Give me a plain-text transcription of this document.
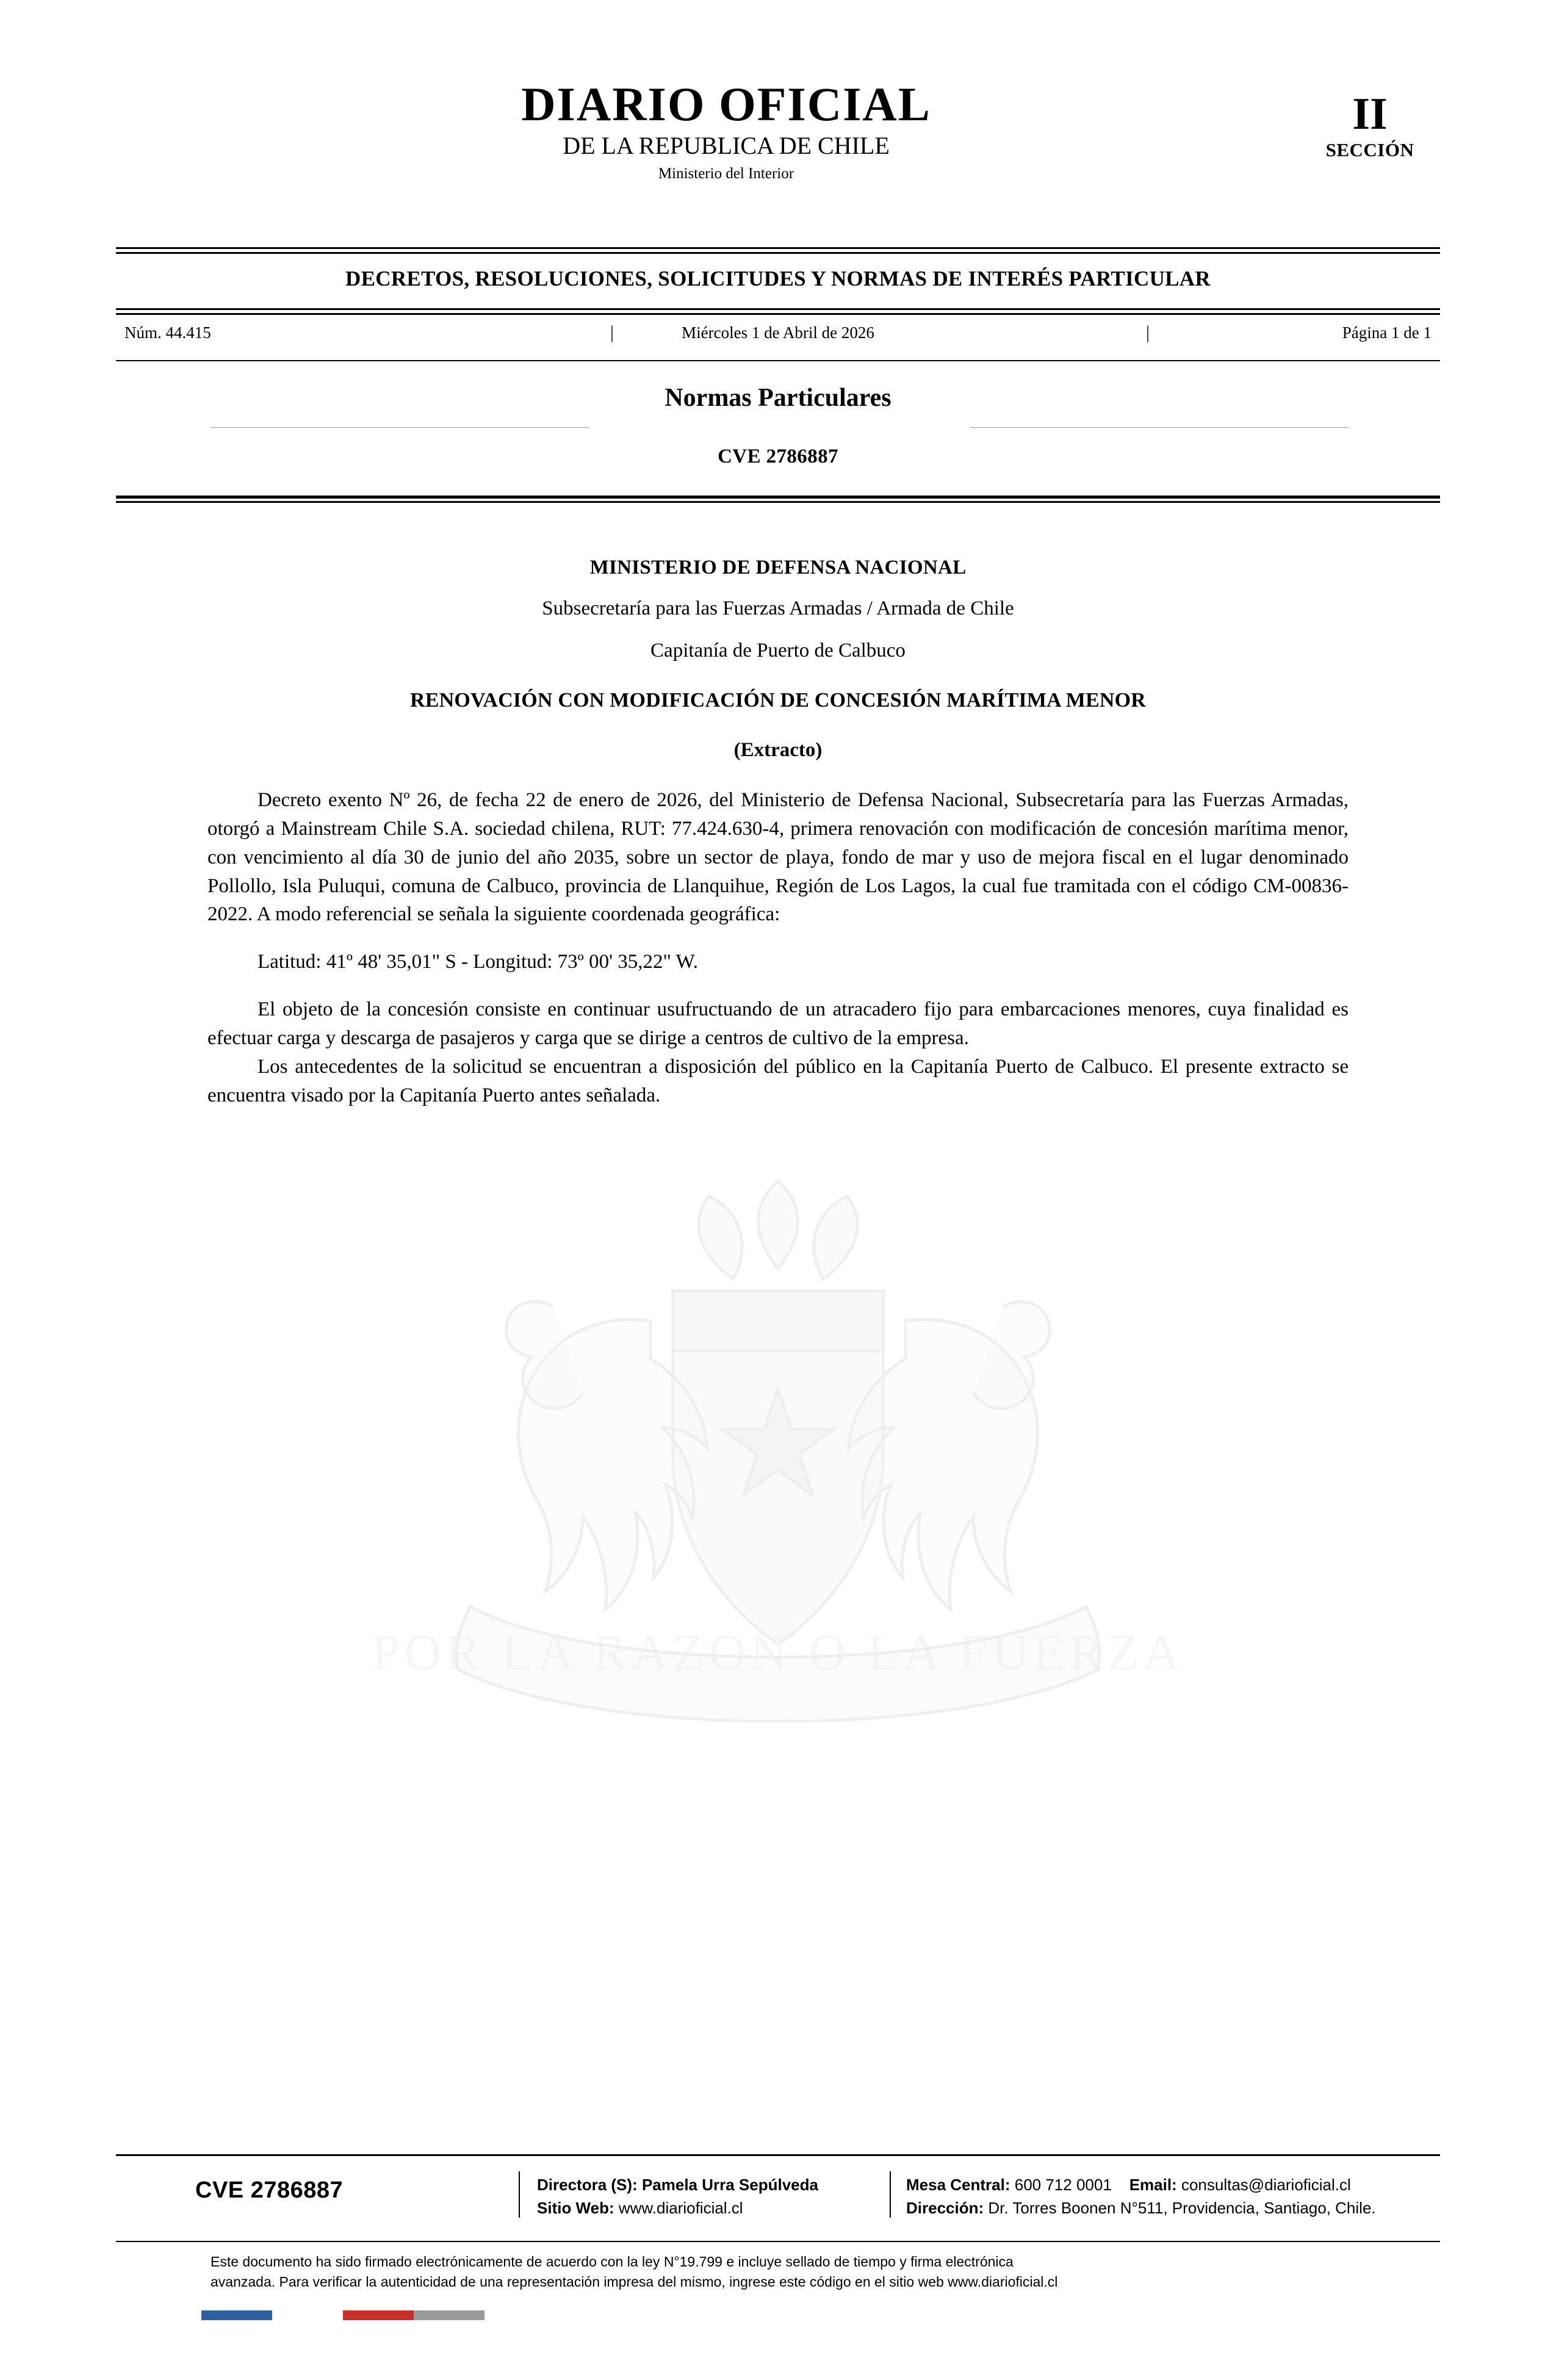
POR LA RAZON O LA FUERZA
DIARIO OFICIAL
DE LA REPUBLICA DE CHILE
Ministerio del Interior
II
SECCIÓN
DECRETOS, RESOLUCIONES, SOLICITUDES Y NORMAS DE INTERÉS PARTICULAR
Núm. 44.415	|	Miércoles 1 de Abril de 2026	|	Página 1 de 1
Normas Particulares
CVE 2786887
MINISTERIO DE DEFENSA NACIONAL
Subsecretaría para las Fuerzas Armadas / Armada de Chile
Capitanía de Puerto de Calbuco
RENOVACIÓN CON MODIFICACIÓN DE CONCESIÓN MARÍTIMA MENOR
(Extracto)

Decreto exento Nº 26, de fecha 22 de enero de 2026, del Ministerio de Defensa Nacional, Subsecretaría para las Fuerzas Armadas, otorgó a Mainstream Chile S.A. sociedad chilena, RUT: 77.424.630-4, primera renovación con modificación de concesión marítima menor, con vencimiento al día 30 de junio del año 2035, sobre un sector de playa, fondo de mar y uso de mejora fiscal en el lugar denominado Pollollo, Isla Puluqui, comuna de Calbuco, provincia de Llanquihue, Región de Los Lagos, la cual fue tramitada con el código CM-00836-2022. A modo referencial se señala la siguiente coordenada geográfica:

Latitud: 41º 48' 35,01" S - Longitud: 73º 00' 35,22" W.

El objeto de la concesión consiste en continuar usufructuando de un atracadero fijo para embarcaciones menores, cuya finalidad es efectuar carga y descarga de pasajeros y carga que se dirige a centros de cultivo de la empresa.

Los antecedentes de la solicitud se encuentran a disposición del público en la Capitanía Puerto de Calbuco. El presente extracto se encuentra visado por la Capitanía Puerto antes señalada.

CVE 2786887	Directora (S): Pamela Urra Sepúlveda
Sitio Web: www.diarioficial.cl
Mesa Central: 600 712 0001 Email: consultas@diarioficial.cl
Dirección: Dr. Torres Boonen N°511, Providencia, Santiago, Chile.
Este documento ha sido firmado electrónicamente de acuerdo con la ley N°19.799 e incluye sellado de tiempo y firma electrónica
avanzada. Para verificar la autenticidad de una representación impresa del mismo, ingrese este código en el sitio web www.diarioficial.cl
